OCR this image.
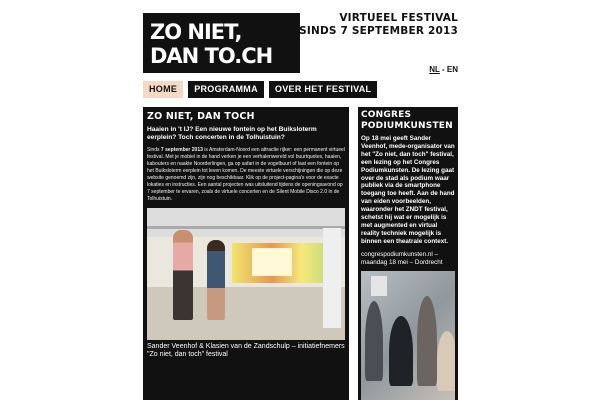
ZO NIET,
DAN TO.CH
VIRTUEEL FESTIVAL
SINDS 7 SEPTEMBER 2013
NL - EN
HOME	PROGRAMMA	OVER HET FESTIVAL
ZO NIET, DAN TOCH

Haaien in 't IJ? Een nieuwe fontein op het Buiksloterm eerplein? Toch concerten in de Tolhuistuin?

Sinds 7 september 2013 is Amsterdam-Noord een attractie rijker: een permanent virtueel festival. Met je mobiel in de hand verken je een verhalenwereld vol buurtquotes, haaien, kabouters en naakte Noorderlingen, ga op safari in de vogelbuurt of laat een fontein op het Buiksloterm eerplein tot leven komen. De meeste virtuele verschijningen die op deze website genoemd zijn, zijn nog beschikbaar. Klik op de project-pagina's voor de exacte lokaties en instructies. Een aantal projecten was uitsluitend tijdens de openingsavond op 7 september te ervaren, zoals de virtuele concerten en de Silent Mobile Disco 2.0 in de Tolhuistuin.

Sander Veenhof & Klasien van de Zandschulp – initiatiefnemers "Zo niet, dan toch" festival

CONGRES PODIUMKUNSTEN

Op 18 mei geeft Sander Veenhof, mede-organisator van het "Zo niet, dan toch" festival, een lezing op het Congres Podiumkunsten. De lezing gaat over de stad als podium waar publiek via de smartphone toegang toe heeft. Aan de hand van eiden voorbeelden, waaronder het ZNDT festival, schetst hij wat er mogelijk is met augmented en virtual reality techniek mogelijk is binnen een theatrale context.

congrespodiumkunsten.nl – maandag 18 mei – Dordrecht
